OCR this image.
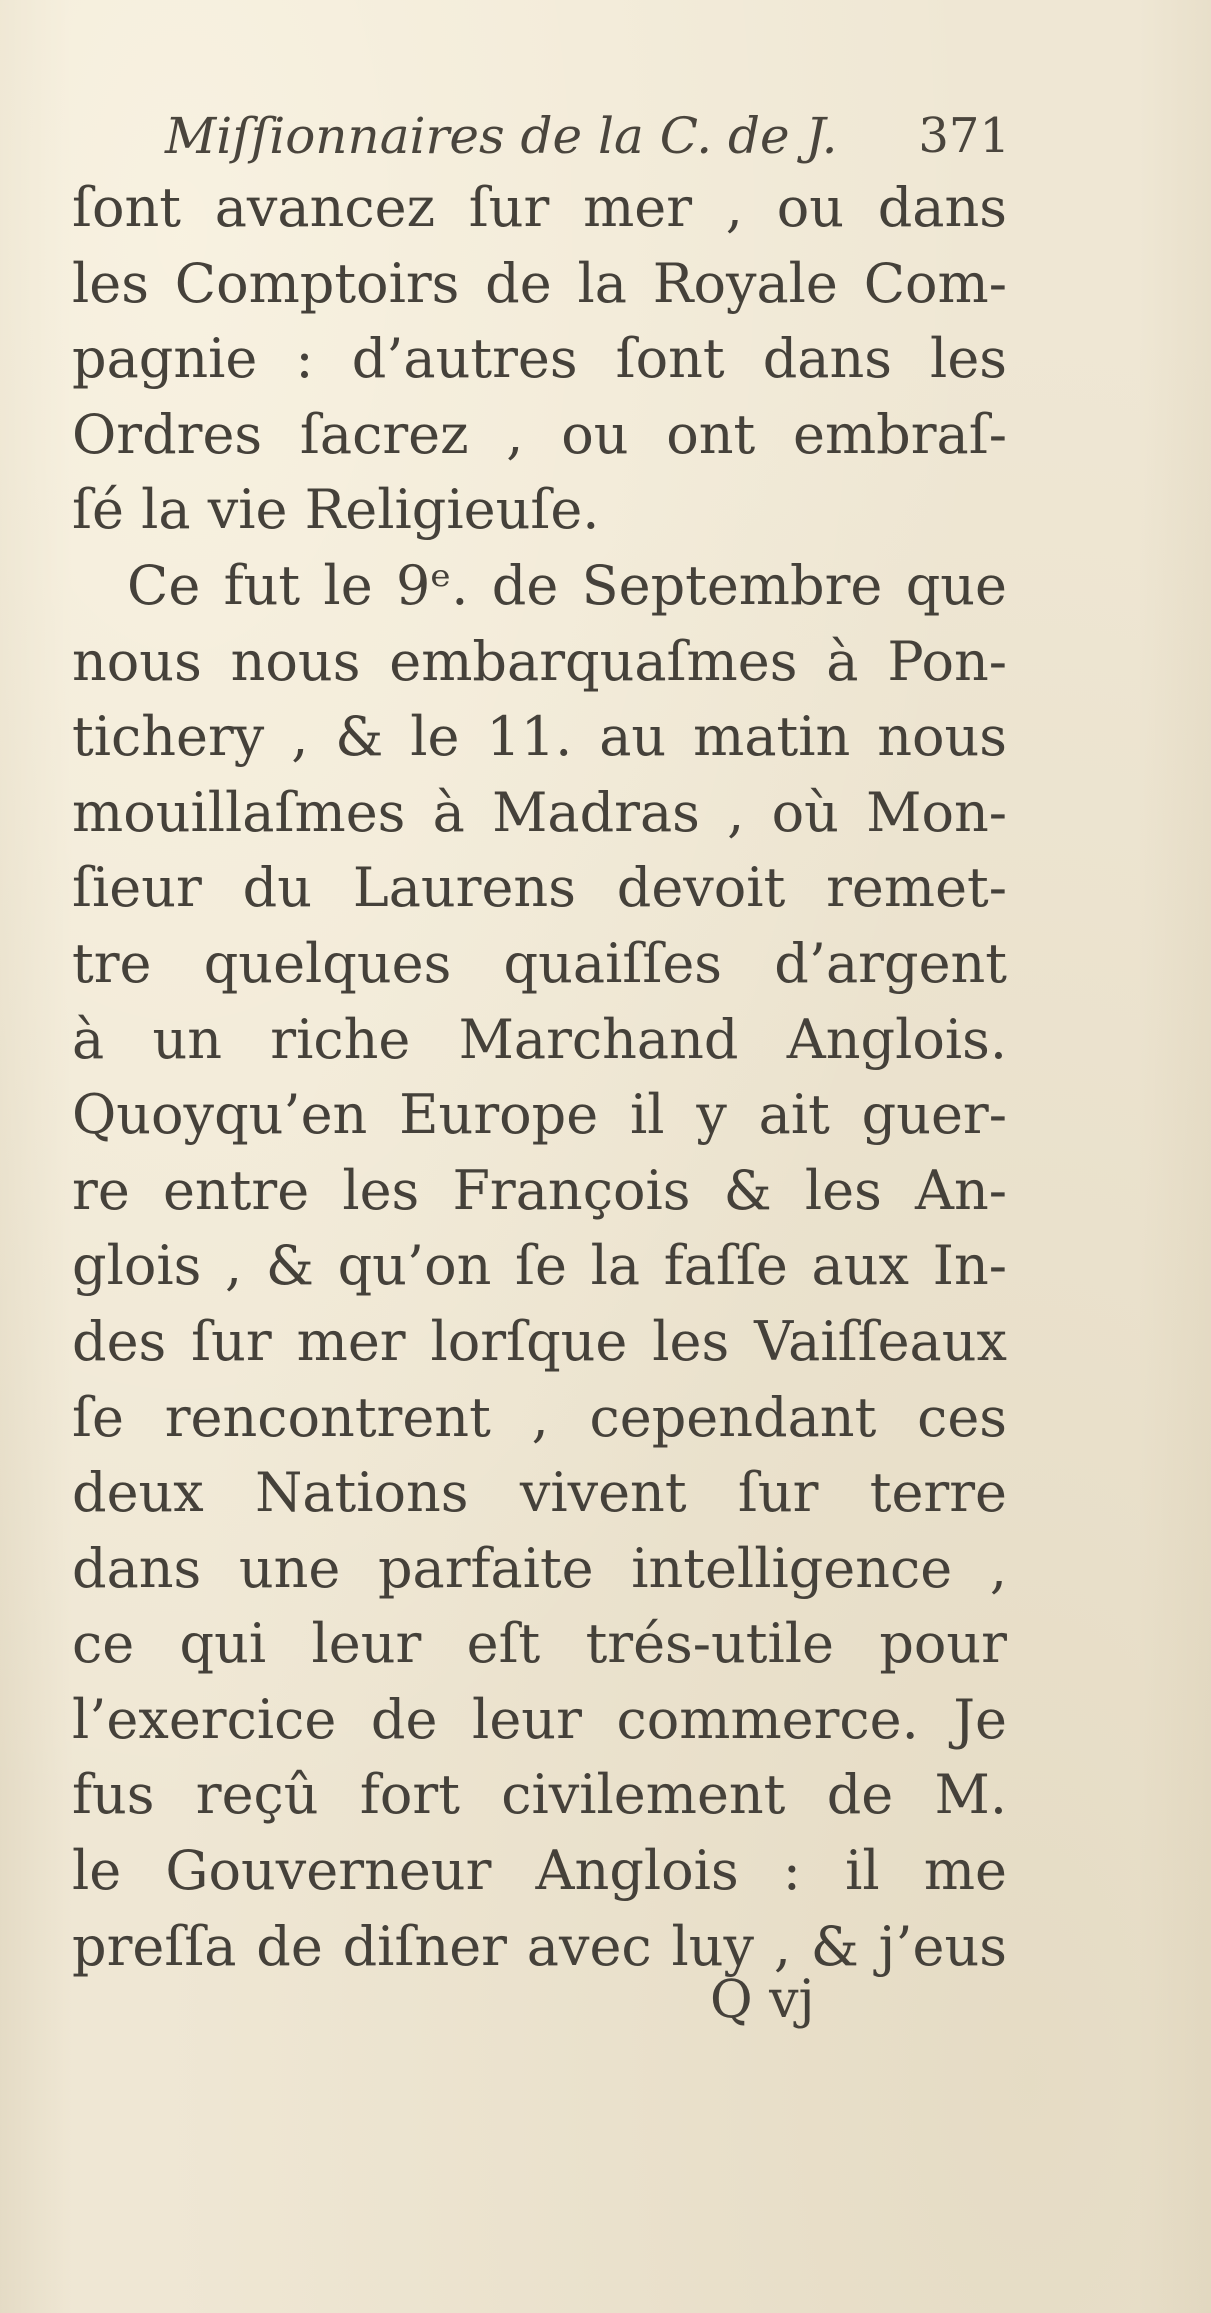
Miſſionnaires de la C. de J. 371
ſont avancez ſur mer , ou dans
les Comptoirs de la Royale Com-
pagnie : d’autres ſont dans les
Ordres ſacrez , ou ont embraſ-
ſé la vie Religieuſe.
Ce fut le 9ᵉ. de Septembre que
nous nous embarquaſmes à Pon-
tichery , & le 11. au matin nous
mouillaſmes à Madras , où Mon-
ſieur du Laurens devoit remet-
tre quelques quaiſſes d’argent
à un riche Marchand Anglois.
Quoyqu’en Europe il y ait guer-
re entre les François & les An-
glois , & qu’on ſe la faſſe aux In-
des ſur mer lorſque les Vaiſſeaux
ſe rencontrent , cependant ces
deux Nations vivent ſur terre
dans une parfaite intelligence ,
ce qui leur eſt trés-utile pour
l’exercice de leur commerce. Je
fus reçû fort civilement de M.
le Gouverneur Anglois : il me
preſſa de diſner avec luy , & j’eus
Q vj
